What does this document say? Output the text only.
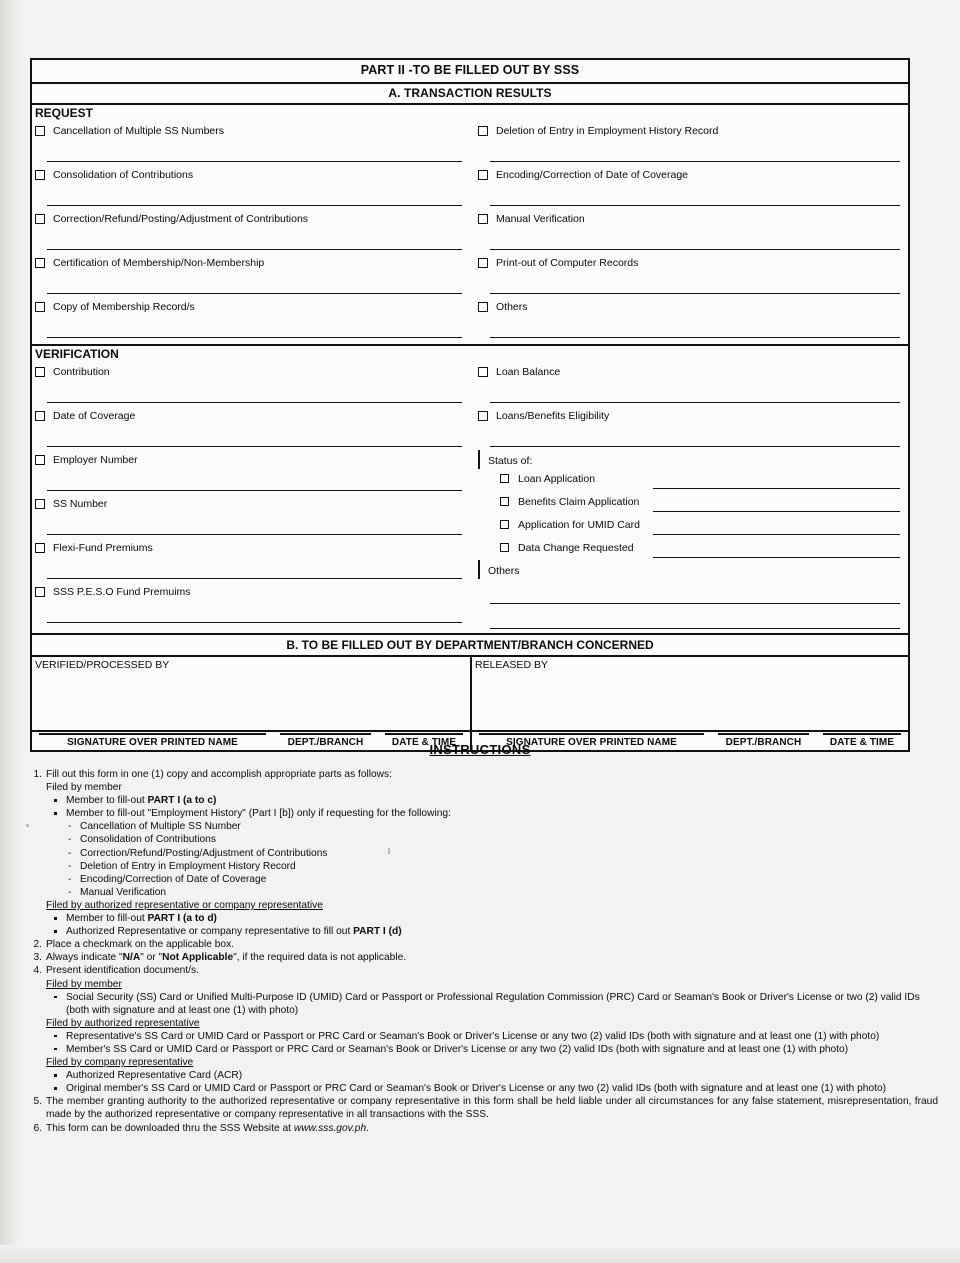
PART II -TO BE FILLED OUT BY SSS
A. TRANSACTION RESULTS
REQUEST
Cancellation of Multiple SS Numbers
Consolidation of Contributions
Correction/Refund/Posting/Adjustment of Contributions
Certification of Membership/Non-Membership
Copy of Membership Record/s
Deletion of Entry in Employment History Record
Encoding/Correction of Date of Coverage
Manual Verification
Print-out of Computer Records
Others
VERIFICATION
Contribution
Date of Coverage
Employer Number
SS Number
Flexi-Fund Premiums
SSS P.E.S.O Fund Premuims
Loan Balance
Loans/Benefits Eligibility
Status of:
Loan Application
Benefits Claim Application
Application for UMID Card
Data Change Requested
Others
B. TO BE FILLED OUT BY DEPARTMENT/BRANCH CONCERNED
VERIFIED/PROCESSED BY	RELEASED BY
SIGNATURE OVER PRINTED NAME	DEPT./BRANCH	DATE & TIME	SIGNATURE OVER PRINTED NAME	DEPT./BRANCH	DATE & TIME
INSTRUCTIONS
1. Fill out this form in one (1) copy and accomplish appropriate parts as follows:
Filed by member
Member to fill-out PART I (a to c)
Member to fill-out "Employment History" (Part I [b]) only if requesting for the following:
- Cancellation of Multiple SS Number
- Consolidation of Contributions
- Correction/Refund/Posting/Adjustment of Contributions
- Deletion of Entry in Employment History Record
- Encoding/Correction of Date of Coverage
- Manual Verification
Filed by authorized representative or company representative
Member to fill-out PART I (a to d)
Authorized Representative or company representative to fill out PART I (d)
2. Place a checkmark on the applicable box.
3. Always indicate "N/A" or "Not Applicable", if the required data is not applicable.
4. Present identification document/s.
Filed by member
Social Security (SS) Card or Unified Multi-Purpose ID (UMID) Card or Passport or Professional Regulation Commission (PRC) Card or Seaman's Book or Driver's License or two (2) valid IDs (both with signature and at least one (1) with photo)
Filed by authorized representative
Representative's SS Card or UMID Card or Passport or PRC Card or Seaman's Book or Driver's License or any two (2) valid IDs (both with signature and at least one (1) with photo)
Member's SS Card or UMID Card or Passport or PRC Card or Seaman's Book or Driver's License or any two (2) valid IDs (both with signature and at least one (1) with photo)
Filed by company representative
Authorized Representative Card (ACR)
Original member's SS Card or UMID Card or Passport or PRC Card or Seaman's Book or Driver's License or any two (2) valid IDs (both with signature and at least one (1) with photo)
5. The member granting authority to the authorized representative or company representative in this form shall be held liable under all circumstances for any false statement, misrepresentation, fraud made by the authorized representative or company representative in all transactions with the SSS.
6. This form can be downloaded thru the SSS Website at www.sss.gov.ph.
